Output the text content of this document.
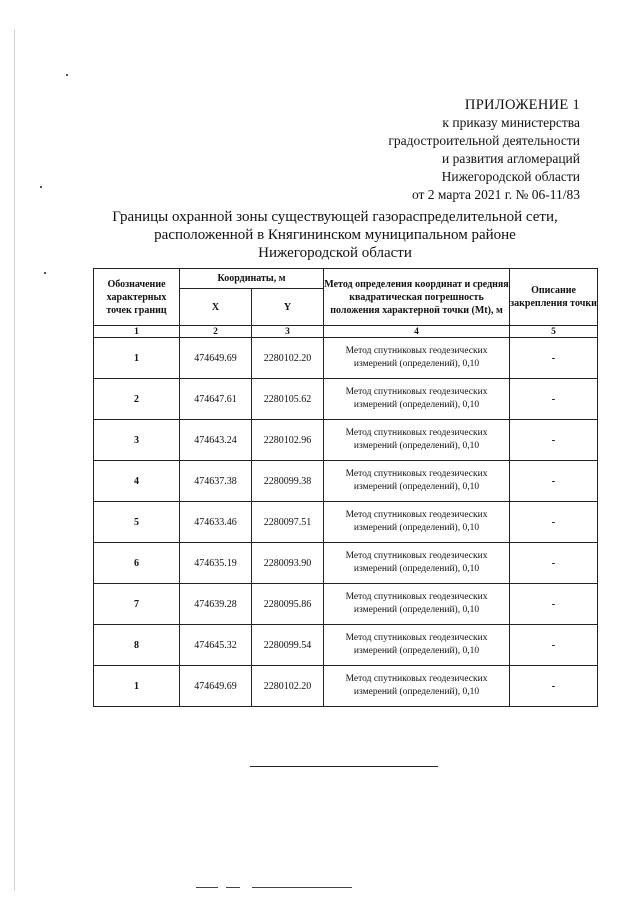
ПРИЛОЖЕНИЕ 1
к приказу министерства
градостроительной деятельности
и развития агломераций
Нижегородской области
от 2 марта 2021 г. № 06-11/83
Границы охранной зоны существующей газораспределительной сети,
расположенной в Княгининском муниципальном районе
Нижегородской области
Обозначение характерных точек границ	Координаты, м		Метод определения координат и средняя квадратическая погрешность положения характерной точки (Mt), м	Описание закрепления точки
	X	Y		
1	2	3	4	5
1	474649.69	2280102.20	Метод спутниковых геодезических измерений (определений), 0,10	-
2	474647.61	2280105.62	Метод спутниковых геодезических измерений (определений), 0,10	-
3	474643.24	2280102.96	Метод спутниковых геодезических измерений (определений), 0,10	-
4	474637.38	2280099.38	Метод спутниковых геодезических измерений (определений), 0,10	-
5	474633.46	2280097.51	Метод спутниковых геодезических измерений (определений), 0,10	-
6	474635.19	2280093.90	Метод спутниковых геодезических измерений (определений), 0,10	-
7	474639.28	2280095.86	Метод спутниковых геодезических измерений (определений), 0,10	-
8	474645.32	2280099.54	Метод спутниковых геодезических измерений (определений), 0,10	-
1	474649.69	2280102.20	Метод спутниковых геодезических измерений (определений), 0,10	-
